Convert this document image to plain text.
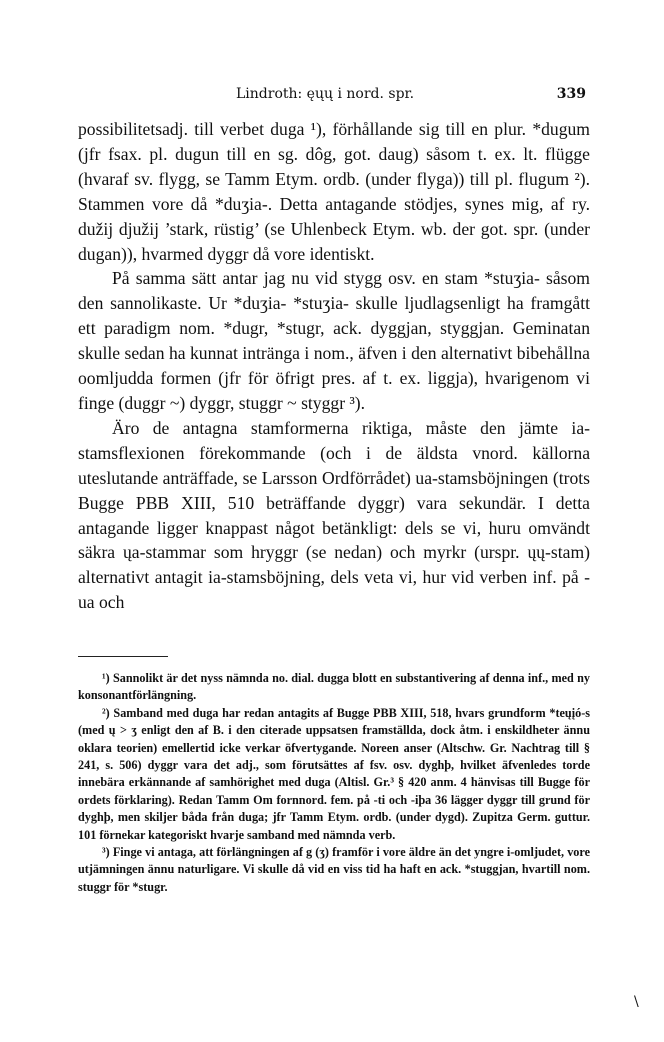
Lindroth: ęųų i nord. spr.	339

possibilitetsadj. till verbet duga ¹), förhållande sig till en plur. *dugum (jfr fsax. pl. dugun till en sg. dôg, got. daug) såsom t. ex. lt. flügge (hvaraf sv. flygg, se Tamm Etym. ordb. (under flyga)) till pl. flugum ²). Stammen vore då *duʒia-. Detta antagande stödjes, synes mig, af ry. dužij djužij ’stark, rüstig’ (se Uhlenbeck Etym. wb. der got. spr. (under dugan)), hvarmed dyggr då vore identiskt.

På samma sätt antar jag nu vid stygg osv. en stam *stuʒia- såsom den sannolikaste. Ur *duʒia- *stuʒia- skulle ljudlagsenligt ha framgått ett paradigm nom. *dugr, *stugr, ack. dyggjan, styggjan. Geminatan skulle sedan ha kunnat inträngа i nom., äfven i den alternativt bibehållna oomljudda formen (jfr för öfrigt pres. af t. ex. liggja), hvarigenom vi finge (duggr ~) dyggr, stuggr ~ styggr ³).

Äro de antagna stamformerna riktiga, måste den jämte ia-stamsflexionen förekommande (och i de äldsta vnord. källorna uteslutande anträffade, se Larsson Ordförrådet) ua-stamsböjningen (trots Bugge PBB XIII, 510 beträffande dyggr) vara sekundär. I detta antagande ligger knappast något betänkligt: dels se vi, huru omvändt säkra ųa-stammar som hryggr (se nedan) och myrkr (urspr. ųų-stam) alternativt antagit ia-stamsböjning, dels veta vi, hur vid verben inf. på -ua och

¹) Sannolikt är det nyss nämnda no. dial. dugga blott en substantivering af denna inf., med ny konsonantförlängning.

²) Samband med duga har redan antagits af Bugge PBB XIII, 518, hvars grundform *teųįó-s (med ų > ʒ enligt den af B. i den citerade uppsatsen framställda, dock åtm. i enskildheter ännu oklara teorien) emellertid icke verkar öfvertygande. Noreen anser (Altschw. Gr. Nachtrag till § 241, s. 506) dyggr vara det adj., som förutsättes af fsv. osv. dyghþ, hvilket äfvenledes torde innebära erkännande af samhörighet med duga (Altisl. Gr.³ § 420 anm. 4 hänvisas till Bugge för ordets förklaring). Redan Tamm Om fornnord. fem. på -ti och -iþa 36 lägger dyggr till grund för dyghþ, men skiljer båda från duga; jfr Tamm Etym. ordb. (under dygd). Zupitza Germ. guttur. 101 förnekar kategoriskt hvarje samband med nämnda verb.

³) Finge vi antaga, att förlängningen af g (ʒ) framför i vore äldre än det yngre i-omljudet, vore utjämningen ännu naturligare. Vi skulle då vid en viss tid ha haft en ack. *stuggjan, hvartill nom. stuggr för *stugr.

\
